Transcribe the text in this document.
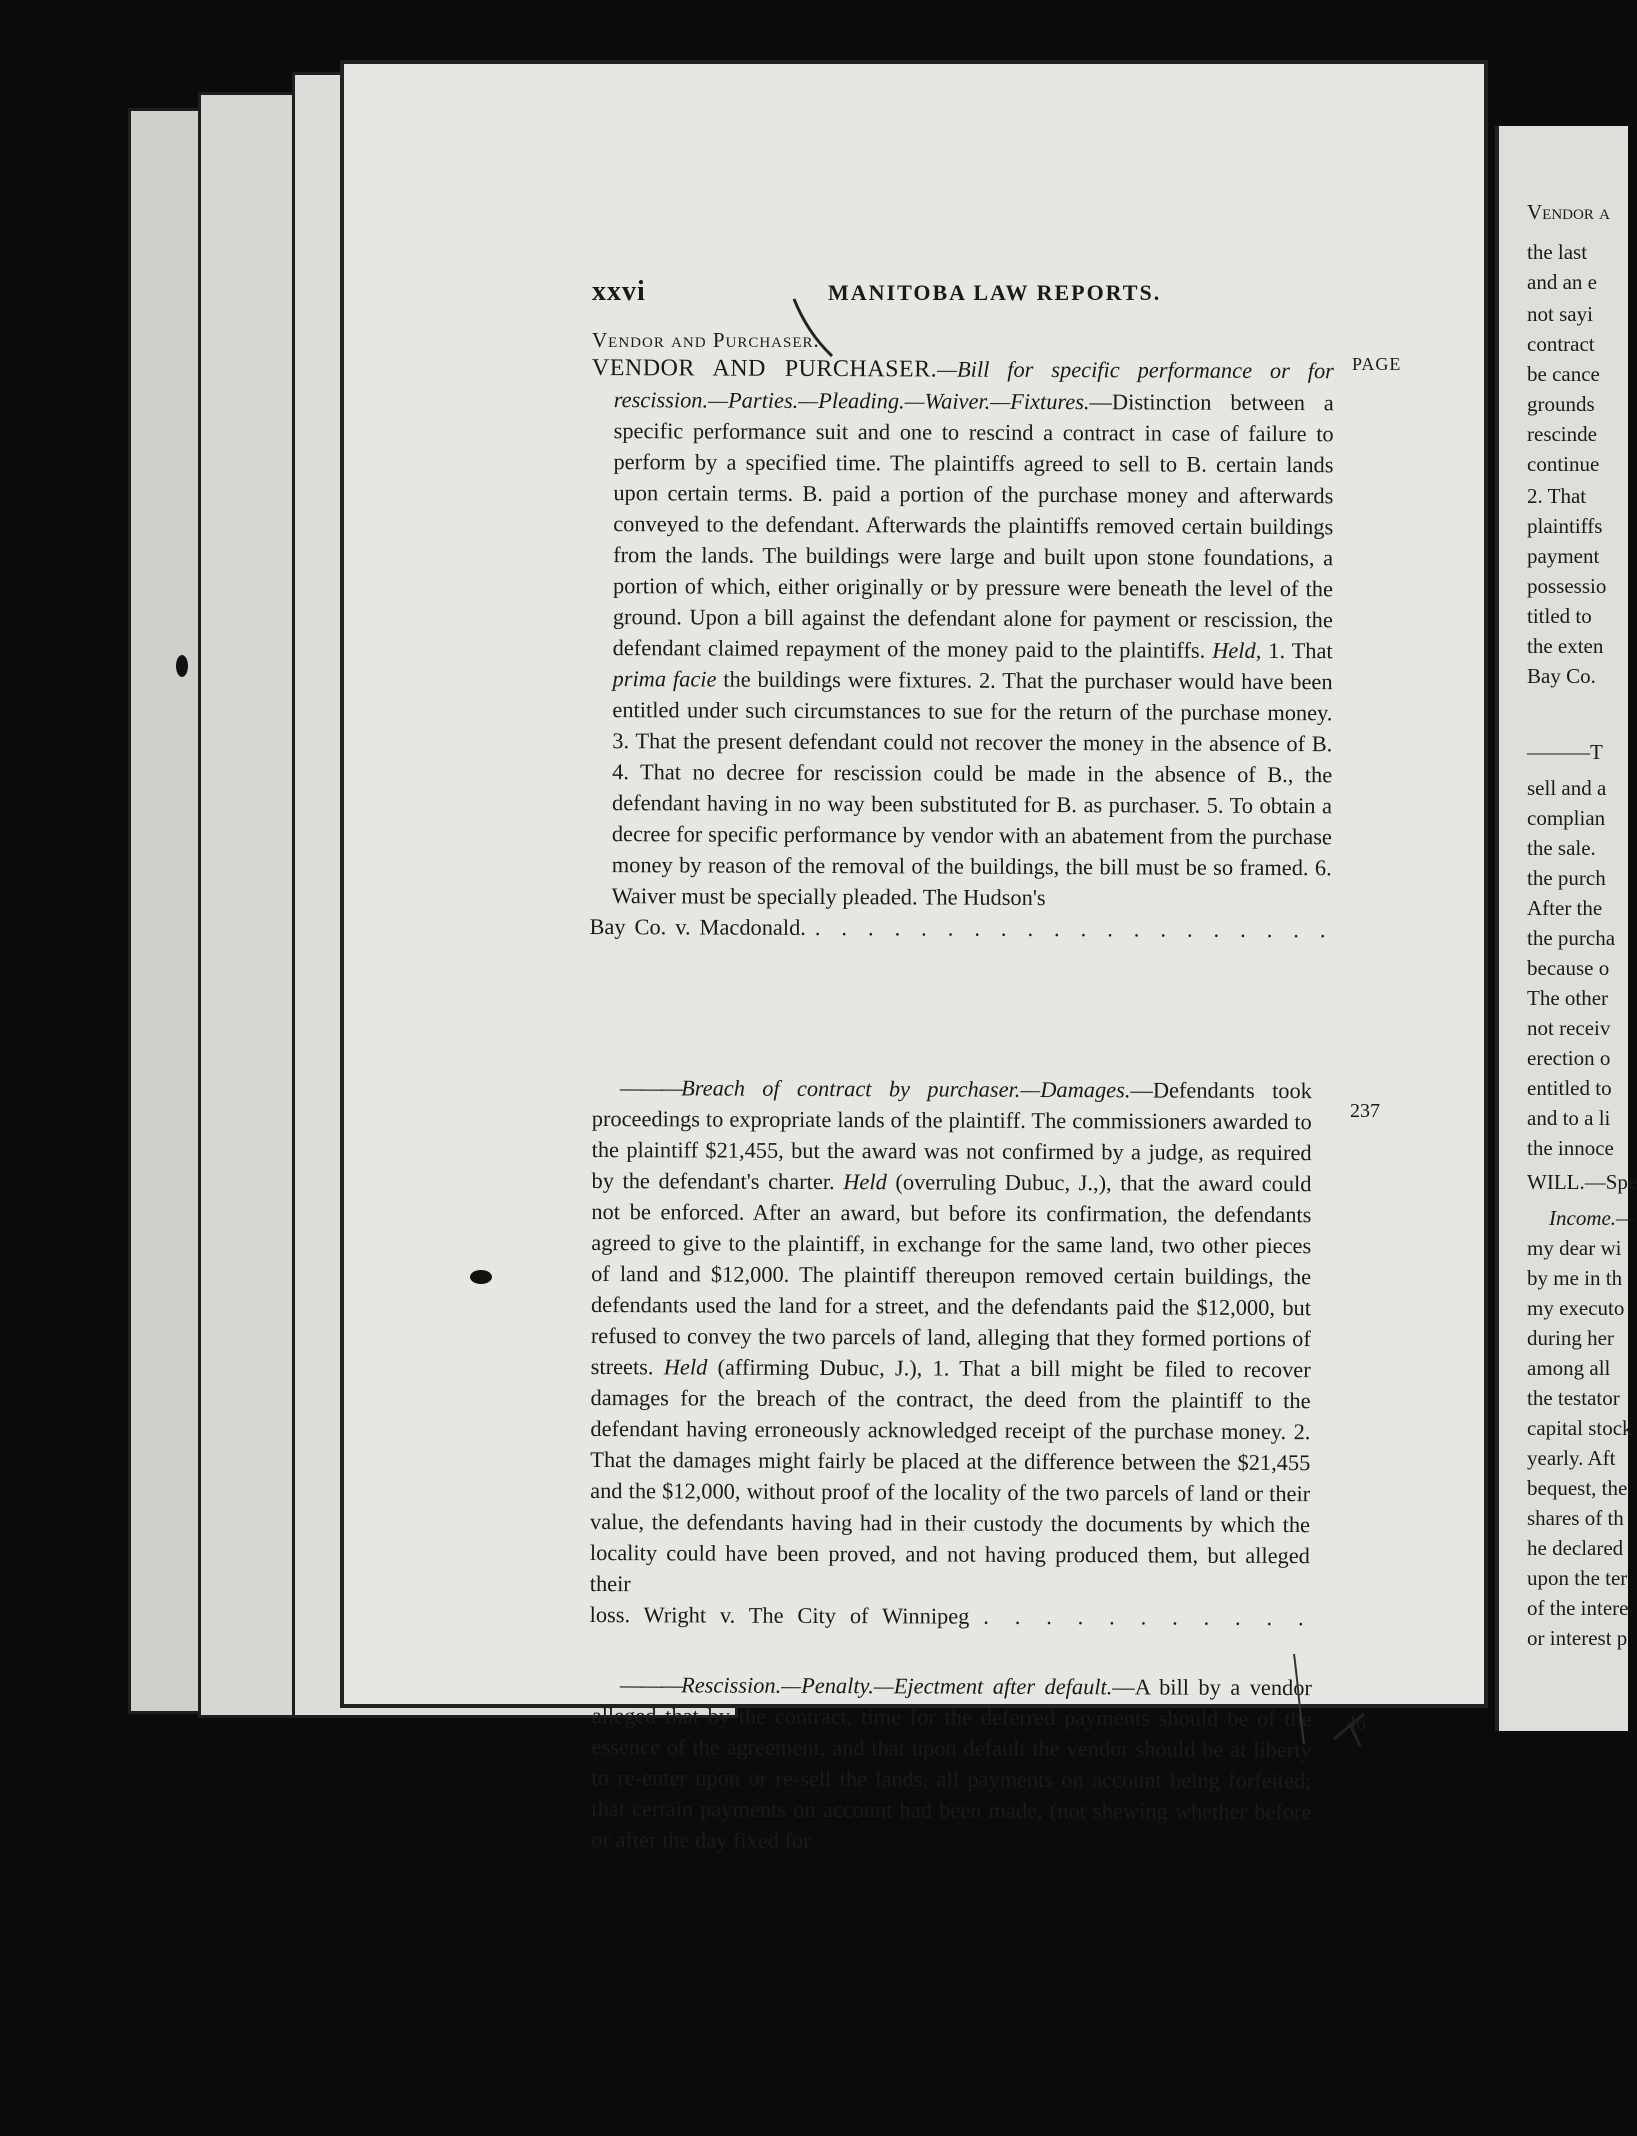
xxvi	MANITOBA LAW REPORTS.
Vendor and Purchaser.
PAGE
VENDOR AND PURCHASER.—Bill for specific performance or for rescission.—Parties.—Pleading.—Waiver.—Fixtures.—Distinction between a specific performance suit and one to rescind a contract in case of failure to perform by a specified time. The plaintiffs agreed to sell to B. certain lands upon certain terms. B. paid a portion of the purchase money and afterwards conveyed to the defendant. Afterwards the plaintiffs removed certain buildings from the lands. The buildings were large and built upon stone foundations, a portion of which, either originally or by pressure were beneath the level of the ground. Upon a bill against the defendant alone for payment or rescission, the defendant claimed repayment of the money paid to the plaintiffs. Held, 1. That prima facie the buildings were fixtures. 2. That the purchaser would have been entitled under such circumstances to sue for the return of the purchase money. 3. That the present defendant could not recover the money in the absence of B. 4. That no decree for rescission could be made in the absence of B., the defendant having in no way been substituted for B. as purchaser. 5. To obtain a decree for specific performance by vendor with an abatement from the purchase money by reason of the removal of the buildings, the bill must be so framed. 6. Waiver must be specially pleaded. The Hudson's
Bay Co. v. Macdonald. . . . . . . . . . . . . . . . . . . . .
237
———Breach of contract by purchaser.—Damages.—Defendants took proceedings to expropriate lands of the plaintiff. The commissioners awarded to the plaintiff $21,455, but the award was not confirmed by a judge, as required by the defendant's charter. Held (overruling Dubuc, J.,), that the award could not be enforced. After an award, but before its confirmation, the defendants agreed to give to the plaintiff, in exchange for the same land, two other pieces of land and $12,000. The plaintiff thereupon removed certain buildings, the defendants used the land for a street, and the defendants paid the $12,000, but refused to convey the two parcels of land, alleging that they formed portions of streets. Held (affirming Dubuc, J.), 1. That a bill might be filed to recover damages for the breach of the contract, the deed from the plaintiff to the defendant having erroneously acknowledged receipt of the purchase money. 2. That the damages might fairly be placed at the difference between the $21,455 and the $12,000, without proof of the locality of the two parcels of land or their value, the defendants having had in their custody the documents by which the locality could have been proved, and not having produced them, but alleged their
loss. Wright v. The City of Winnipeg . . . . . . . . . . .
46
———Rescission.—Penalty.—Ejectment after default.—A bill by a vendor alleged that by the contract, time for the deferred payments should be of the essence of the agreement, and that upon default the vendor should be at liberty to re-enter upon or re-sell the lands, all payments on account being forfeited; that certain payments on account had been made, (not shewing whether before or after the day fixed for
Vendor a
the last
and an e
not sayi
contract
be cance
grounds
rescinde
continue
2. That
plaintiffs
payment
possessio
titled to
the exten
Bay Co.
———T
sell and a
complian
the sale.
the purch
After the
the purcha
because o
The other
not receiv
erection o
entitled to
and to a li
the innoce
WILL.—Spe
Income.—
my dear wi
by me in th
my executo
during her
among all
the testator
capital stock
yearly. Aft
bequest, the
shares of th
he declared
upon the ter
of the intere
or interest p
